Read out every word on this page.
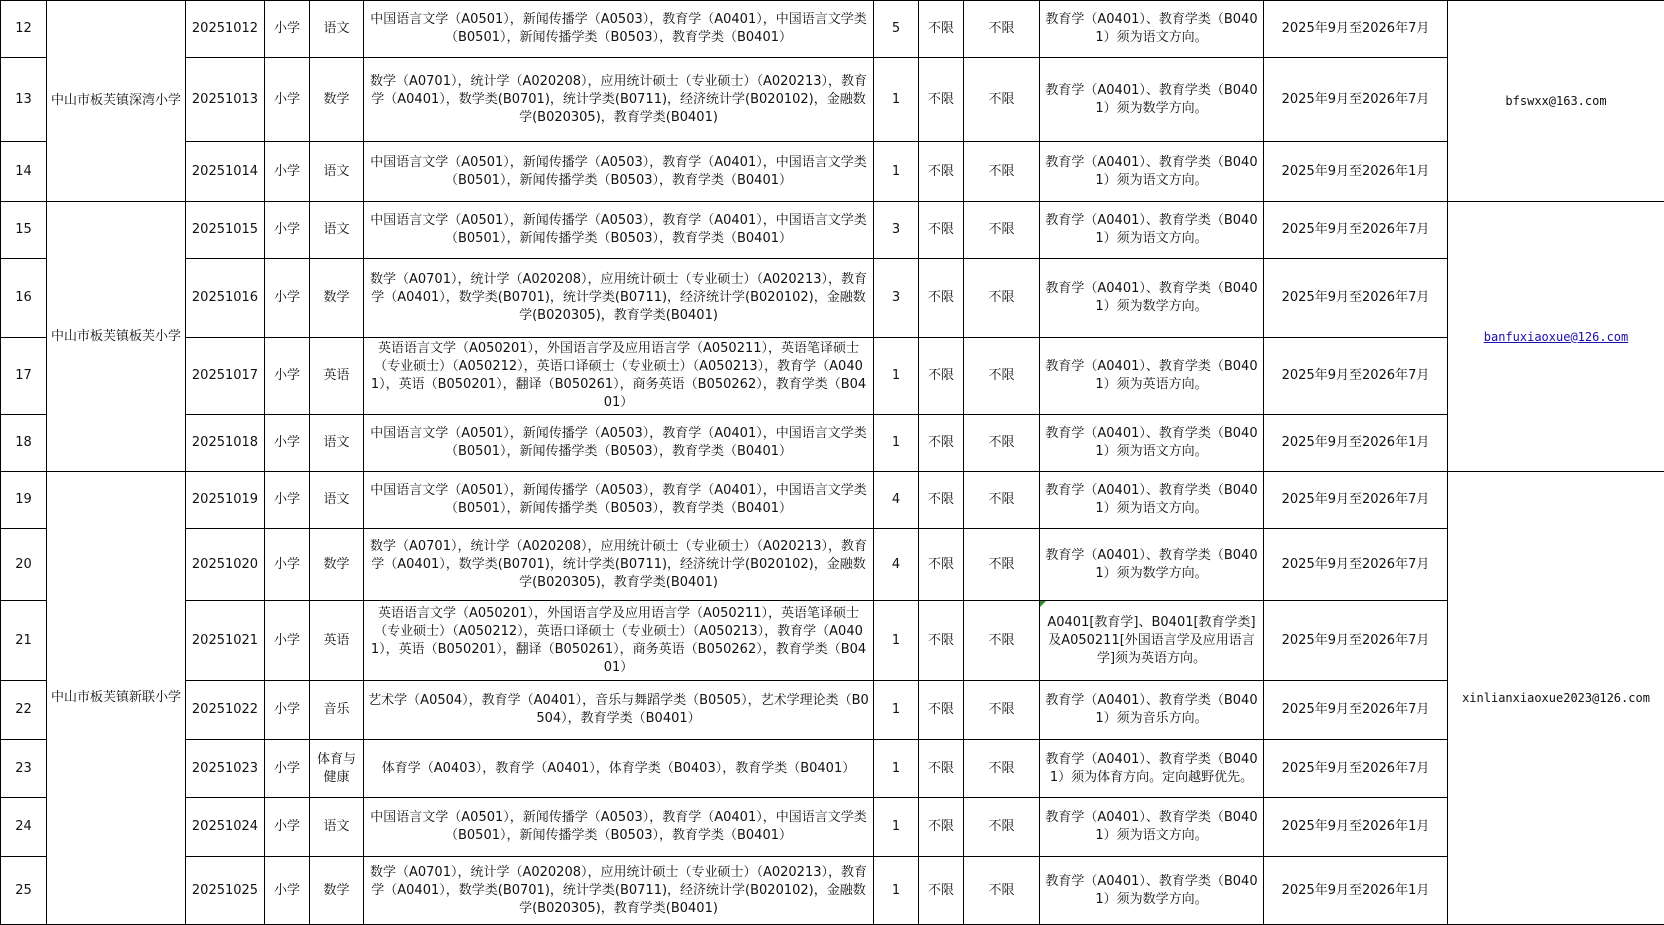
12	中山市板芙镇深湾小学	20251012	小学	语文	中国语言文学（A0501），新闻传播学（A0503），教育学（A0401），中国语言文学类（B0501），新闻传播学类（B0503），教育学类（B0401）	5	不限	不限	教育学（A0401）、教育学类（B0401）须为语文方向。	2025年9月至2026年7月	bfswxx@163.com
13		20251013	小学	数学	数学（A0701），统计学（A020208），应用统计硕士（专业硕士）（A020213），教育学（A0401），数学类(B0701)，统计学类(B0711)，经济统计学(B020102)，金融数学(B020305)，教育学类(B0401)	1	不限	不限	教育学（A0401）、教育学类（B0401）须为数学方向。	2025年9月至2026年7月	
14		20251014	小学	语文	中国语言文学（A0501），新闻传播学（A0503），教育学（A0401），中国语言文学类（B0501），新闻传播学类（B0503），教育学类（B0401）	1	不限	不限	教育学（A0401）、教育学类（B0401）须为语文方向。	2025年9月至2026年1月	
15	中山市板芙镇板芙小学	20251015	小学	语文	中国语言文学（A0501），新闻传播学（A0503），教育学（A0401），中国语言文学类（B0501），新闻传播学类（B0503），教育学类（B0401）	3	不限	不限	教育学（A0401）、教育学类（B0401）须为语文方向。	2025年9月至2026年7月	banfuxiaoxue@126.com
16		20251016	小学	数学	数学（A0701），统计学（A020208），应用统计硕士（专业硕士）（A020213），教育学（A0401），数学类(B0701)，统计学类(B0711)，经济统计学(B020102)，金融数学(B020305)，教育学类(B0401)	3	不限	不限	教育学（A0401）、教育学类（B0401）须为数学方向。	2025年9月至2026年7月	
17		20251017	小学	英语	英语语言文学（A050201），外国语言学及应用语言学（A050211），英语笔译硕士（专业硕士）（A050212），英语口译硕士（专业硕士）（A050213），教育学（A0401），英语（B050201），翻译（B050261），商务英语（B050262），教育学类（B0401）	1	不限	不限	教育学（A0401）、教育学类（B0401）须为英语方向。	2025年9月至2026年7月	
18		20251018	小学	语文	中国语言文学（A0501），新闻传播学（A0503），教育学（A0401），中国语言文学类（B0501），新闻传播学类（B0503），教育学类（B0401）	1	不限	不限	教育学（A0401）、教育学类（B0401）须为语文方向。	2025年9月至2026年1月	
19	中山市板芙镇新联小学	20251019	小学	语文	中国语言文学（A0501），新闻传播学（A0503），教育学（A0401），中国语言文学类（B0501），新闻传播学类（B0503），教育学类（B0401）	4	不限	不限	教育学（A0401）、教育学类（B0401）须为语文方向。	2025年9月至2026年7月	xinlianxiaoxue2023@126.com
20		20251020	小学	数学	数学（A0701），统计学（A020208），应用统计硕士（专业硕士）（A020213），教育学（A0401），数学类(B0701)，统计学类(B0711)，经济统计学(B020102)，金融数学(B020305)，教育学类(B0401)	4	不限	不限	教育学（A0401）、教育学类（B0401）须为数学方向。	2025年9月至2026年7月	
21		20251021	小学	英语	英语语言文学（A050201），外国语言学及应用语言学（A050211），英语笔译硕士（专业硕士）（A050212），英语口译硕士（专业硕士）（A050213），教育学（A0401），英语（B050201），翻译（B050261），商务英语（B050262），教育学类（B0401）	1	不限	不限	A0401[教育学]、B0401[教育学类]及A050211[外国语言学及应用语言学]须为英语方向。	2025年9月至2026年7月	
22		20251022	小学	音乐	艺术学（A0504），教育学（A0401），音乐与舞蹈学类（B0505），艺术学理论类（B0504），教育学类（B0401）	1	不限	不限	教育学（A0401）、教育学类（B0401）须为音乐方向。	2025年9月至2026年7月	
23		20251023	小学	体育与健康	体育学（A0403），教育学（A0401），体育学类（B0403），教育学类（B0401）	1	不限	不限	教育学（A0401）、教育学类（B0401）须为体育方向。定向越野优先。	2025年9月至2026年7月	
24		20251024	小学	语文	中国语言文学（A0501），新闻传播学（A0503），教育学（A0401），中国语言文学类（B0501），新闻传播学类（B0503），教育学类（B0401）	1	不限	不限	教育学（A0401）、教育学类（B0401）须为语文方向。	2025年9月至2026年1月	
25		20251025	小学	数学	数学（A0701），统计学（A020208），应用统计硕士（专业硕士）（A020213），教育学（A0401），数学类(B0701)，统计学类(B0711)，经济统计学(B020102)，金融数学(B020305)，教育学类(B0401)	1	不限	不限	教育学（A0401）、教育学类（B0401）须为数学方向。	2025年9月至2026年1月	
